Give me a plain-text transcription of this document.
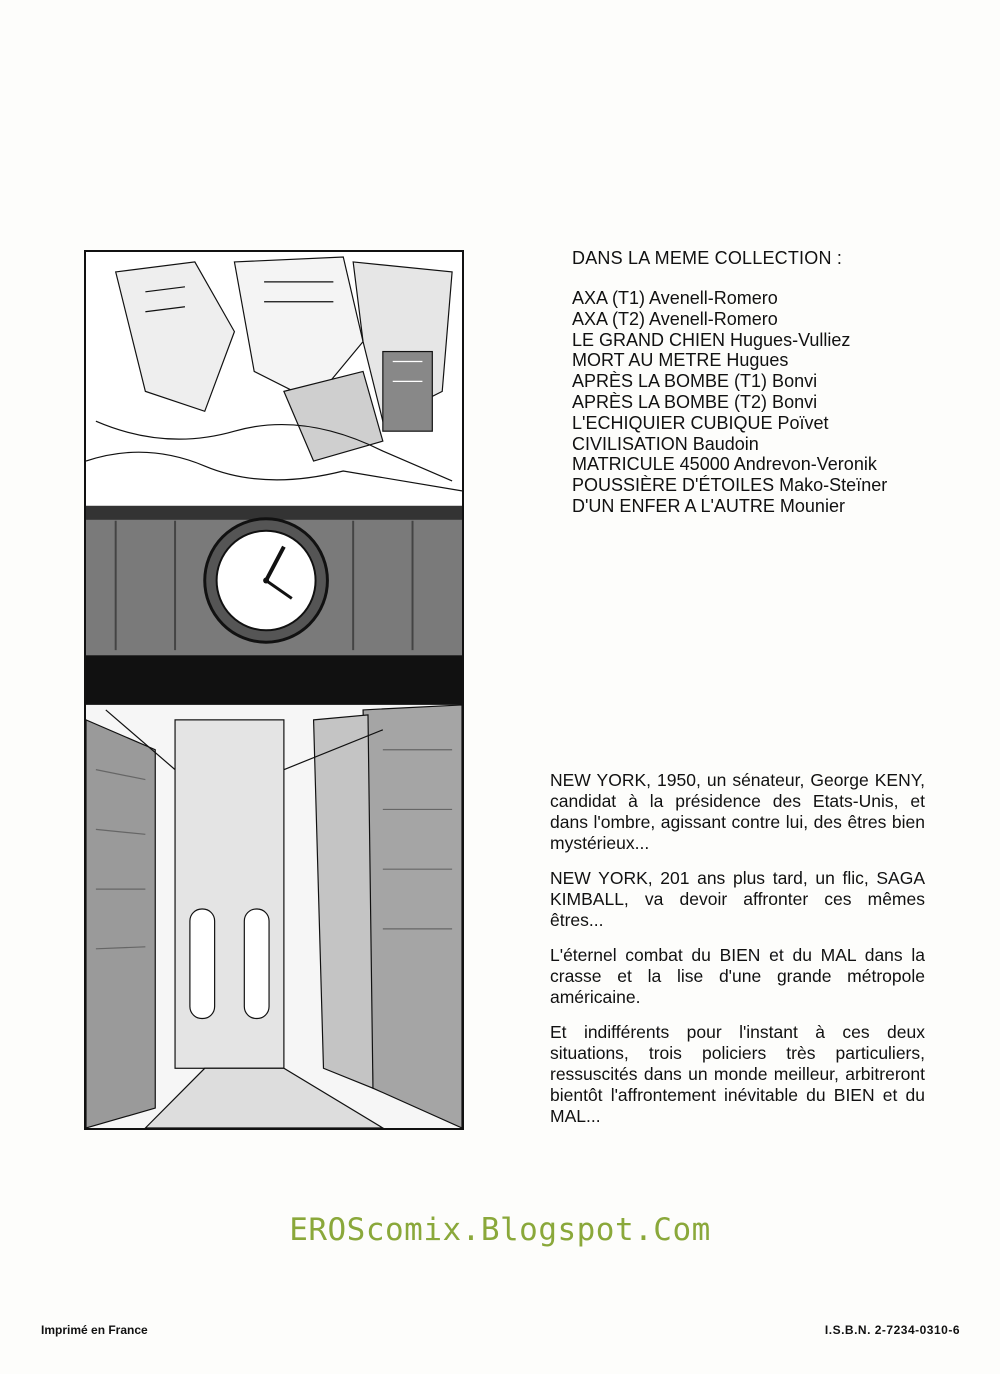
DANS LA MEME COLLECTION :
AXA (T1) Avenell-Romero
AXA (T2) Avenell-Romero
LE GRAND CHIEN Hugues-Vulliez
MORT AU METRE Hugues
APRÈS LA BOMBE (T1) Bonvi
APRÈS LA BOMBE (T2) Bonvi
L'ECHIQUIER CUBIQUE Poïvet
CIVILISATION Baudoin
MATRICULE 45000 Andrevon-Veronik
POUSSIÈRE D'ÉTOILES Mako-Steïner
D'UN ENFER A L'AUTRE Mounier

NEW YORK, 1950, un sénateur, George KENY, candidat à la présidence des Etats-Unis, et dans l'ombre, agissant contre lui, des êtres bien mystérieux...

NEW YORK, 201 ans plus tard, un flic, SAGA KIMBALL, va devoir affronter ces mêmes êtres...

L'éternel combat du BIEN et du MAL dans la crasse et la lise d'une grande métropole américaine.

Et indifférents pour l'instant à ces deux situations, trois policiers très particuliers, ressuscités dans un monde meilleur, arbitreront bientôt l'affrontement inévitable du BIEN et du MAL...

EROScomix.Blogspot.Com
Imprimé en France	I.S.B.N. 2-7234-0310-6
